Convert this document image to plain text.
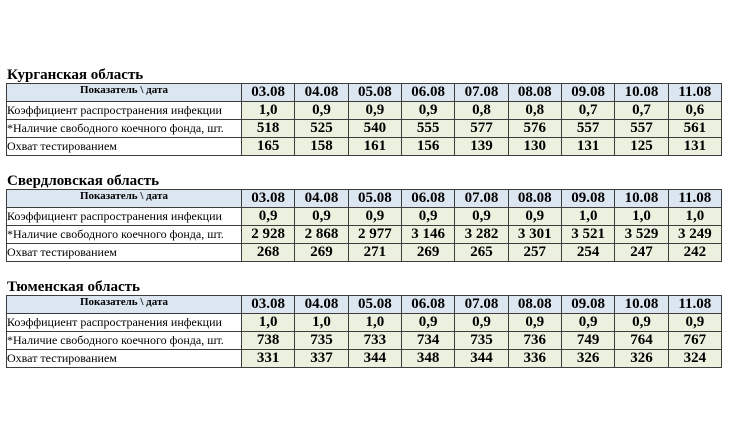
Курганская область
Показатель \ дата	03.08	04.08	05.08	06.08	07.08	08.08	09.08	10.08	11.08
Коэффициент распространения инфекции	1,0	0,9	0,9	0,9	0,8	0,8	0,7	0,7	0,6
*Наличие свободного коечного фонда, шт.	518	525	540	555	577	576	557	557	561
Охват тестированием	165	158	161	156	139	130	131	125	131
Свердловская область
Показатель \ дата	03.08	04.08	05.08	06.08	07.08	08.08	09.08	10.08	11.08
Коэффициент распространения инфекции	0,9	0,9	0,9	0,9	0,9	0,9	1,0	1,0	1,0
*Наличие свободного коечного фонда, шт.	2 928	2 868	2 977	3 146	3 282	3 301	3 521	3 529	3 249
Охват тестированием	268	269	271	269	265	257	254	247	242
Тюменская область
Показатель \ дата	03.08	04.08	05.08	06.08	07.08	08.08	09.08	10.08	11.08
Коэффициент распространения инфекции	1,0	1,0	1,0	0,9	0,9	0,9	0,9	0,9	0,9
*Наличие свободного коечного фонда, шт.	738	735	733	734	735	736	749	764	767
Охват тестированием	331	337	344	348	344	336	326	326	324
